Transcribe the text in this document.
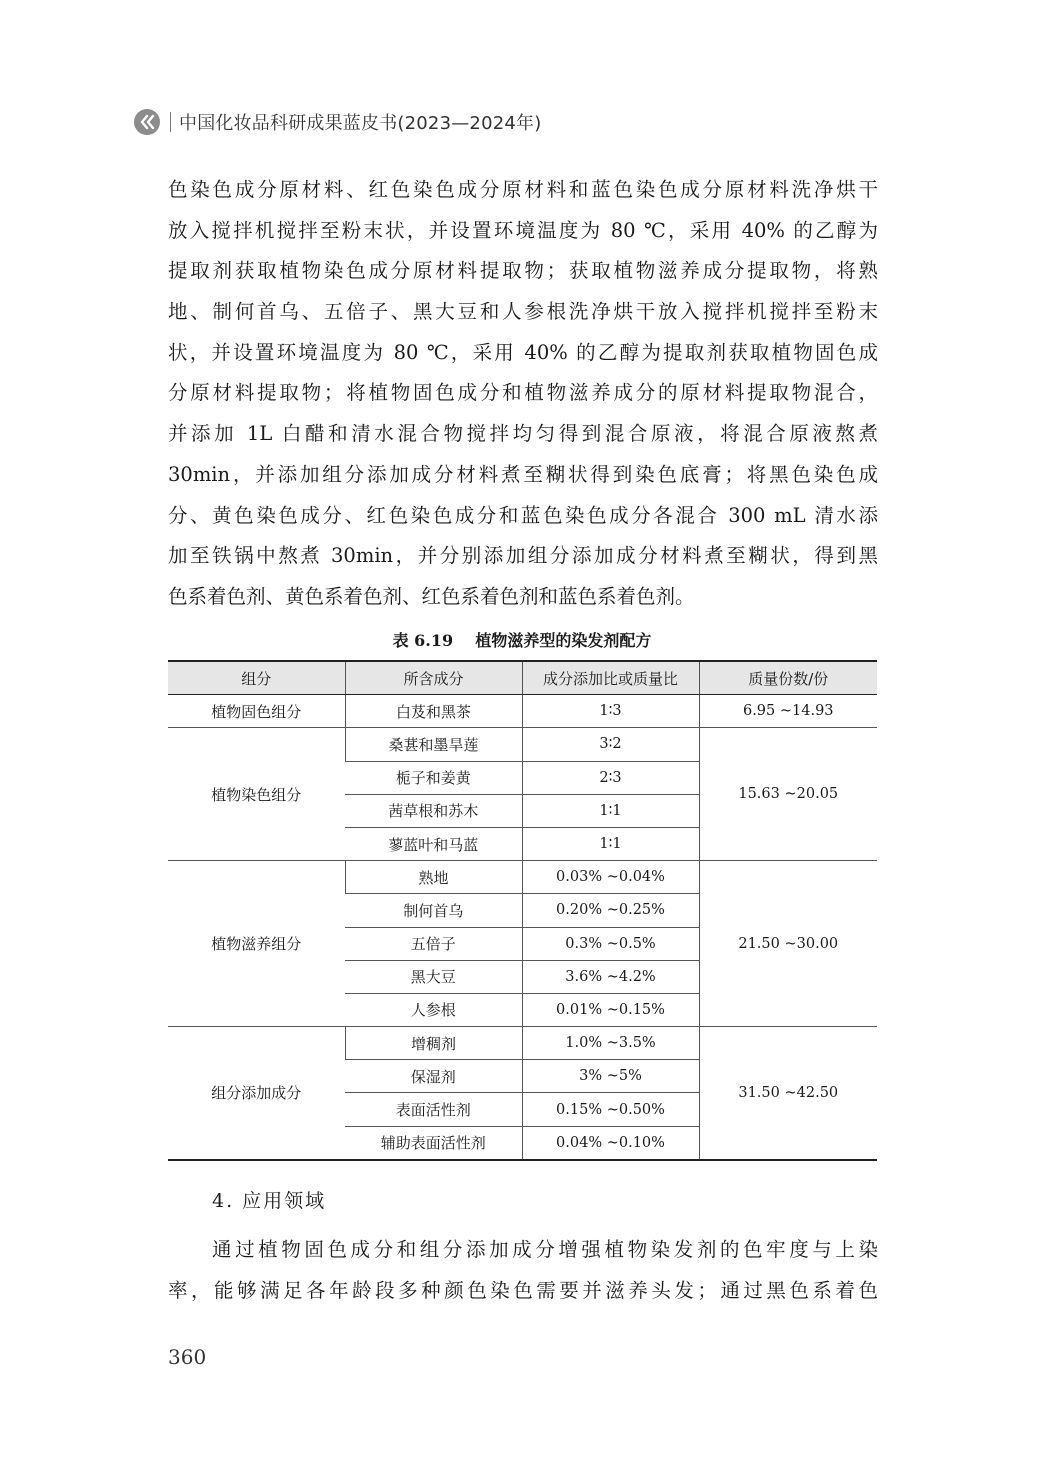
中国化妆品科研成果蓝皮书(2023—2024年)
色染色成分原材料、红色染色成分原材料和蓝色染色成分原材料洗净烘干
放入搅拌机搅拌至粉末状，并设置环境温度为 80 ℃，采用 40% 的乙醇为
提取剂获取植物染色成分原材料提取物；获取植物滋养成分提取物，将熟
地、制何首乌、五倍子、黑大豆和人参根洗净烘干放入搅拌机搅拌至粉末
状，并设置环境温度为 80 ℃，采用 40% 的乙醇为提取剂获取植物固色成
分原材料提取物；将植物固色成分和植物滋养成分的原材料提取物混合，
并添加 1L 白醋和清水混合物搅拌均匀得到混合原液，将混合原液熬煮
30min，并添加组分添加成分材料煮至糊状得到染色底膏；将黑色染色成
分、黄色染色成分、红色染色成分和蓝色染色成分各混合 300 mL 清水添
加至铁锅中熬煮 30min，并分别添加组分添加成分材料煮至糊状，得到黑
色系着色剂、黄色系着色剂、红色系着色剂和蓝色系着色剂。
表 6.19 植物滋养型的染发剂配方
组分	所含成分	成分添加比或质量比	质量份数/份
植物固色组分	白芨和黑茶	1∶3	6.95 ~14.93
植物染色组分	桑葚和墨旱莲	3∶2	15.63 ~20.05
	栀子和姜黄	2∶3	
	茜草根和苏木	1∶1	
	蓼蓝叶和马蓝	1∶1	
植物滋养组分	熟地	0.03% ~0.04%	21.50 ~30.00
	制何首乌	0.20% ~0.25%	
	五倍子	0.3% ~0.5%	
	黑大豆	3.6% ~4.2%	
	人参根	0.01% ~0.15%	
组分添加成分	增稠剂	1.0% ~3.5%	31.50 ~42.50
	保湿剂	3% ~5%	
	表面活性剂	0.15% ~0.50%	
	辅助表面活性剂	0.04% ~0.10%	
4. 应用领域
通过植物固色成分和组分添加成分增强植物染发剂的色牢度与上染
率，能够满足各年龄段多种颜色染色需要并滋养头发；通过黑色系着色
360
